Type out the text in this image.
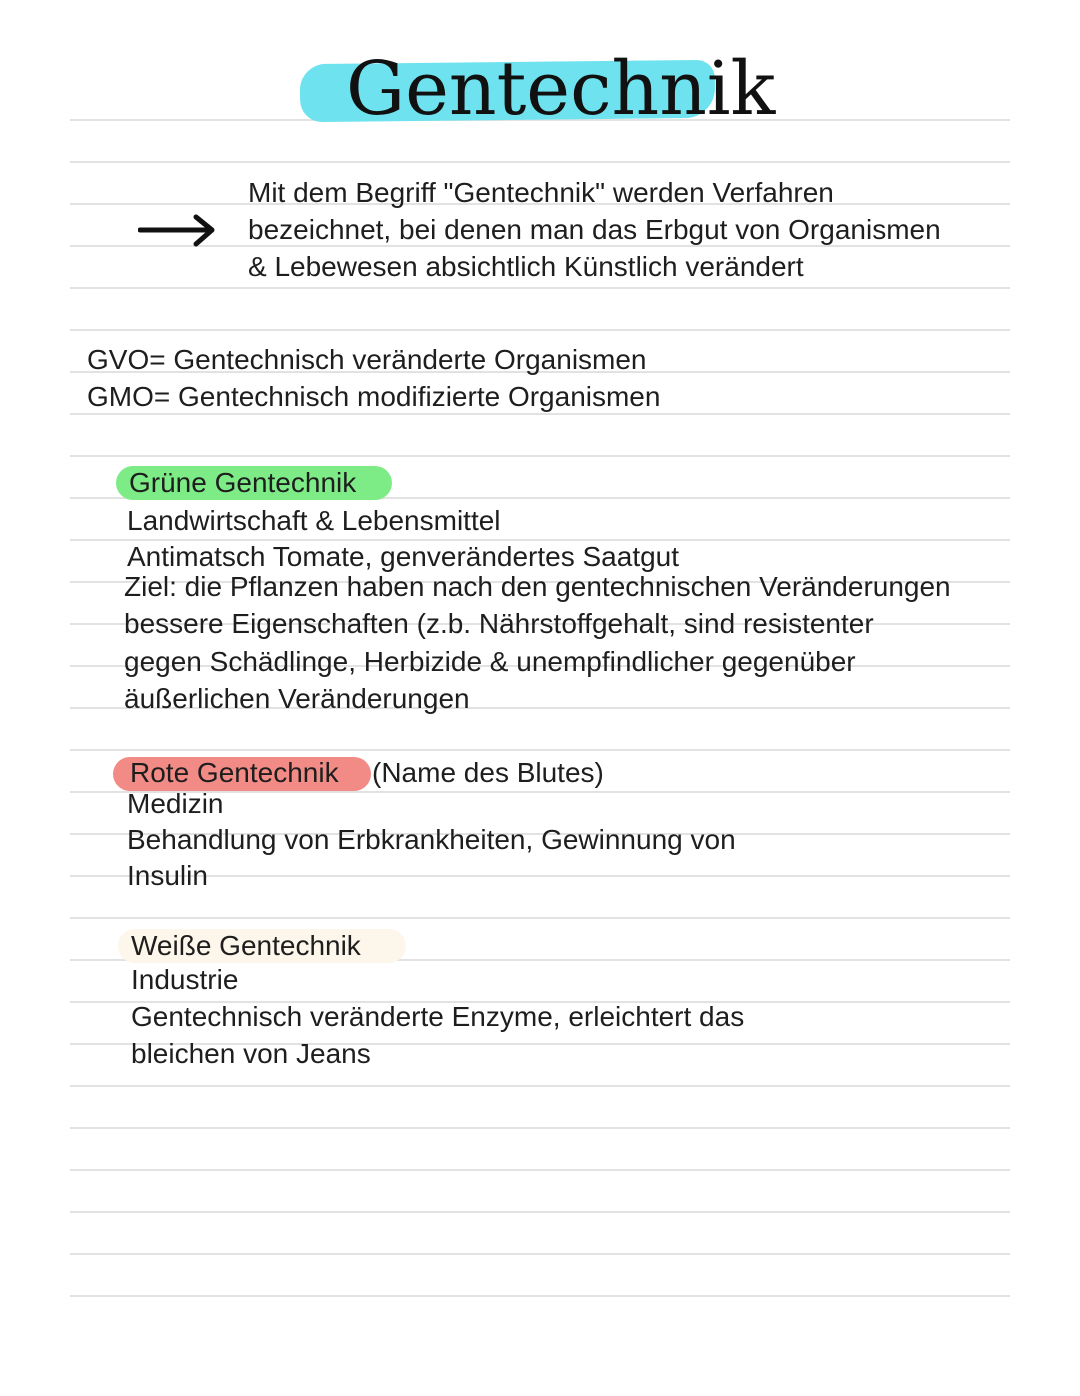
Gentechnik
Mit dem Begriff "Gentechnik" werden Verfahren
bezeichnet, bei denen man das Erbgut von Organismen
& Lebewesen absichtlich Künstlich verändert
GVO= Gentechnisch veränderte Organismen
GMO= Gentechnisch modifizierte Organismen
Grüne Gentechnik
Landwirtschaft & Lebensmittel
Antimatsch Tomate, genverändertes Saatgut
Ziel: die Pflanzen haben nach den gentechnischen Veränderungen
bessere Eigenschaften (z.b. Nährstoffgehalt, sind resistenter
gegen Schädlinge, Herbizide & unempfindlicher gegenüber
äußerlichen Veränderungen
Rote Gentechnik (Name des Blutes)
Medizin
Behandlung von Erbkrankheiten, Gewinnung von
Insulin
Weiße Gentechnik
Industrie
Gentechnisch veränderte Enzyme, erleichtert das
bleichen von Jeans
